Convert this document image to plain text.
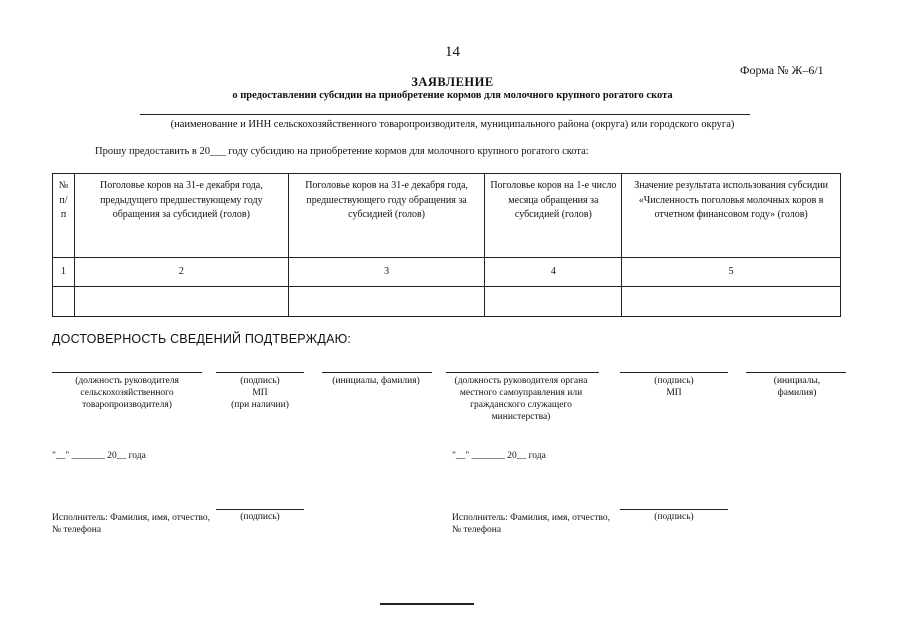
14
Форма № Ж–6/1
ЗАЯВЛЕНИЕ
о предоставлении субсидии на приобретение кормов для молочного крупного рогатого скота
(наименование и ИНН сельскохозяйственного товаропроизводителя, муниципального района (округа) или городского округа)
Прошу предоставить в 20___ году субсидию на приобретение кормов для молочного крупного рогатого скота:
№ п/п	Поголовье коров на 31-е декабря года, предыдущего предшествующему году обращения за субсидией (голов)	Поголовье коров на 31-е декабря года, предшествующего году обращения за субсидией (голов)	Поголовье коров на 1-е число месяца обращения за субсидией (голов)	Значение результата использования субсидии «Численность поголовья молочных коров в отчетном финансовом году» (голов)
1	2	3	4	5

ДОСТОВЕРНОСТЬ СВЕДЕНИЙ ПОДТВЕРЖДАЮ:
(должность руководителя сельскохозяйственного товаропроизводителя)
(подпись)
МП
(при наличии)
(инициалы, фамилия)
"__" _______ 20__ года
Исполнитель: Фамилия, имя, отчество, № телефона
(подпись)
(должность руководителя органа местного самоуправления или гражданского служащего министерства)
(подпись)
МП
(инициалы, фамилия)
"__" _______ 20__ года
Исполнитель: Фамилия, имя, отчество, № телефона
(подпись)
